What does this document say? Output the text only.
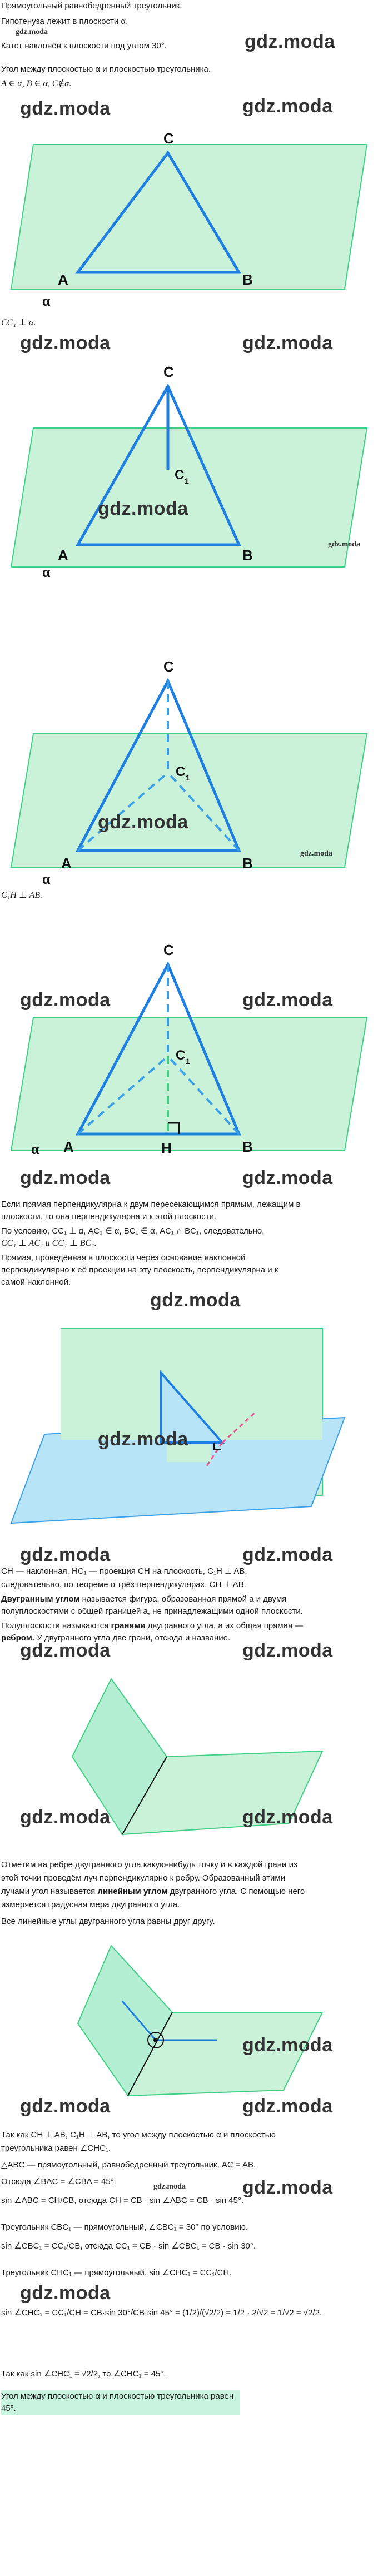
Прямоугольный равнобедренный треугольник.

Гипотенуза лежит в плоскости α.

Катет наклонён к плоскости под углом 30°.

Угол между плоскостью α и плоскостью треугольника.

A ∈ α, B ∈ α, C∉α.

gdz.moda	gdz.moda
gdz.moda	gdz.moda
C
A	B
α

CC₁ ⊥ α.

gdz.moda	gdz.moda
C
C 1
A	B
α
gdz.moda
gdz.moda
C
C 1
A	B
α
gdz.moda
gdz.moda

C₁H ⊥ AB.

C
C 1
H
A	B
α
gdz.moda	gdz.moda
gdz.moda	gdz.moda

Если прямая перпендикулярна к двум пересекающимся прямым, лежащим в

плоскости, то она перпендикулярна и к этой плоскости.

По условию, CC₁ ⊥ α, AC₁ ∈ α, BC₁ ∈ α, AC₁ ∩ BC₁, следовательно,

CC₁ ⊥ AC₁ и CC₁ ⊥ BC₁.

Прямая, проведённая в плоскости через основание наклонной

перпендикулярно к её проекции на эту плоскость, перпендикулярна и к

самой наклонной.

gdz.moda
gdz.moda
gdz.moda	gdz.moda

CH — наклонная, HC₁ — проекция CH на плоскость, C₁H ⊥ AB,

следовательно, по теореме о трёх перпендикулярах, CH ⊥ AB.

Двугранным углом называется фигура, образованная прямой a и двумя

полуплоскостями с общей границей a, не принадлежащими одной плоскости.

Полуплоскости называются гранями двугранного угла, а их общая прямая —

ребром. У двугранного угла две грани, отсюда и название.

gdz.moda	gdz.moda
gdz.moda	gdz.moda

Отметим на ребре двугранного угла какую-нибудь точку и в каждой грани из

этой точки проведём луч перпендикулярно к ребру. Образованный этими

лучами угол называется линейным углом двугранного угла. С помощью него

измеряется градусная мера двугранного угла.

Все линейные углы двугранного угла равны друг другу.

gdz.moda
gdz.moda	gdz.moda

Так как CH ⊥ AB, C₁H ⊥ AB, то угол между плоскостью α и плоскостью

треугольника равен ∠CHC₁.

△ABC — прямоугольный, равнобедренный треугольник, AC = AB.

Отсюда ∠BAC = ∠CBA = 45°.

gdz.moda	gdz.moda

sin ∠ABC = CH/CB, отсюда CH = CB · sin ∠ABC = CB · sin 45°.

Треугольник CBC₁ — прямоугольный, ∠CBC₁ = 30° по условию.

sin ∠CBC₁ = CC₁/CB, отсюда CC₁ = CB · sin ∠CBC₁ = CB · sin 30°.

Треугольник CHC₁ — прямоугольный, sin ∠CHC₁ = CC₁/CH.

gdz.moda

sin ∠CHC₁ = CC₁/CH = CB·sin 30°/CB·sin 45° = (1/2)/(√2/2) = 1/2 · 2/√2 = 1/√2 = √2/2.

Так как sin ∠CHC₁ = √2/2, то ∠CHC₁ = 45°.

Угол между плоскостью α и плоскостью треугольника равен 45°.
